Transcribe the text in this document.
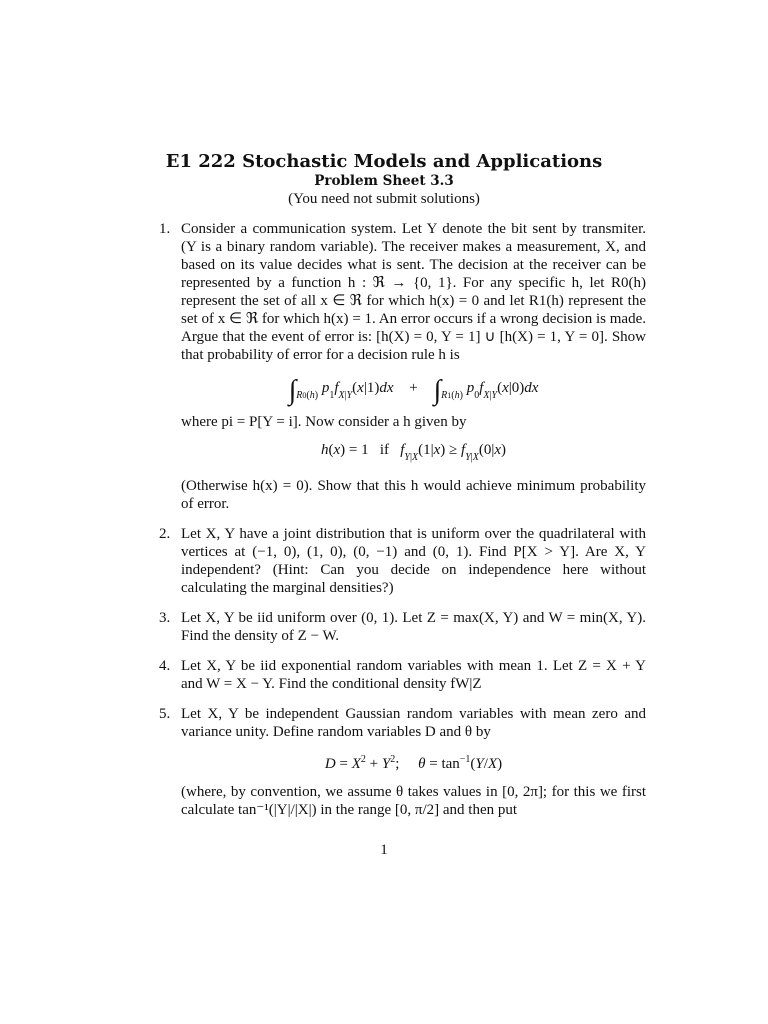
E1 222 Stochastic Models and Applications
Problem Sheet 3.3
(You need not submit solutions)
1. Consider a communication system. Let Y denote the bit sent by transmiter. (Y is a binary random variable). The receiver makes a measurement, X, and based on its value decides what is sent. The decision at the receiver can be represented by a function h : ℜ → {0, 1}. For any specific h, let R0(h) represent the set of all x ∈ ℜ for which h(x) = 0 and let R1(h) represent the set of x ∈ ℜ for which h(x) = 1. An error occurs if a wrong decision is made. Argue that the event of error is: [h(X) = 0, Y = 1] ∪ [h(X) = 1, Y = 0]. Show that probability of error for a decision rule h is
$\int_{R0(h)}$ $p_1f_{X|Y}(x|1)dx + \int_{R1(h)}$ $p_0f_{X|Y}(x|0)dx$
where pi = P[Y = i]. Now consider a h given by
h(x) = 1   if   $f_{Y|X}(1|x) \ge f_{Y|X}(0|x)$
(Otherwise h(x) = 0). Show that this h would achieve minimum probability of error.
2. Let X, Y have a joint distribution that is uniform over the quadrilateral with vertices at (−1, 0), (1, 0), (0, −1) and (0, 1). Find P[X > Y]. Are X, Y independent? (Hint: Can you decide on independence here without calculating the marginal densities?)
3. Let X, Y be iid uniform over (0, 1). Let Z = max(X, Y) and W = min(X, Y). Find the density of Z − W.
4. Let X, Y be iid exponential random variables with mean 1. Let Z = X + Y and W = X − Y. Find the conditional density fW|Z
5. Let X, Y be independent Gaussian random variables with mean zero and variance unity. Define random variables D and θ by
$D = X^2 + Y^2$;     $\theta = \tan^{-1}(Y/X)$
(where, by convention, we assume θ takes values in [0, 2π]; for this we first calculate tan⁻¹(|Y|/|X|) in the range [0, π/2] and then put
1
